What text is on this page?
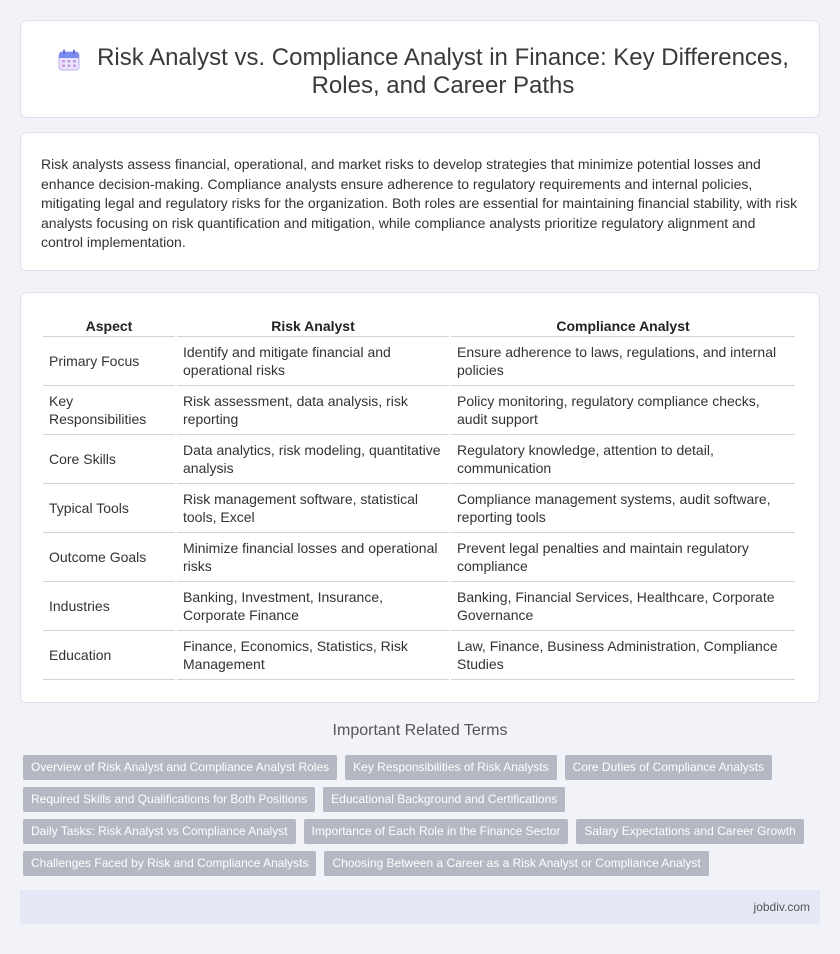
Risk Analyst vs. Compliance Analyst in Finance: Key Differences, Roles, and Career Paths

Risk analysts assess financial, operational, and market risks to develop strategies that minimize potential losses and enhance decision-making. Compliance analysts ensure adherence to regulatory requirements and internal policies, mitigating legal and regulatory risks for the organization. Both roles are essential for maintaining financial stability, with risk analysts focusing on risk quantification and mitigation, while compliance analysts prioritize regulatory alignment and control implementation.

Aspect	Risk Analyst	Compliance Analyst
Primary Focus	Identify and mitigate financial and operational risks	Ensure adherence to laws, regulations, and internal policies
Key Responsibilities	Risk assessment, data analysis, risk reporting	Policy monitoring, regulatory compliance checks, audit support
Core Skills	Data analytics, risk modeling, quantitative analysis	Regulatory knowledge, attention to detail, communication
Typical Tools	Risk management software, statistical tools, Excel	Compliance management systems, audit software, reporting tools
Outcome Goals	Minimize financial losses and operational risks	Prevent legal penalties and maintain regulatory compliance
Industries	Banking, Investment, Insurance, Corporate Finance	Banking, Financial Services, Healthcare, Corporate Governance
Education	Finance, Economics, Statistics, Risk Management	Law, Finance, Business Administration, Compliance Studies
Important Related Terms
Overview of Risk Analyst and Compliance Analyst Roles	Key Responsibilities of Risk Analysts	Core Duties of Compliance Analysts
Required Skills and Qualifications for Both Positions	Educational Background and Certifications
Daily Tasks: Risk Analyst vs Compliance Analyst	Importance of Each Role in the Finance Sector	Salary Expectations and Career Growth
Challenges Faced by Risk and Compliance Analysts	Choosing Between a Career as a Risk Analyst or Compliance Analyst
jobdiv.com
